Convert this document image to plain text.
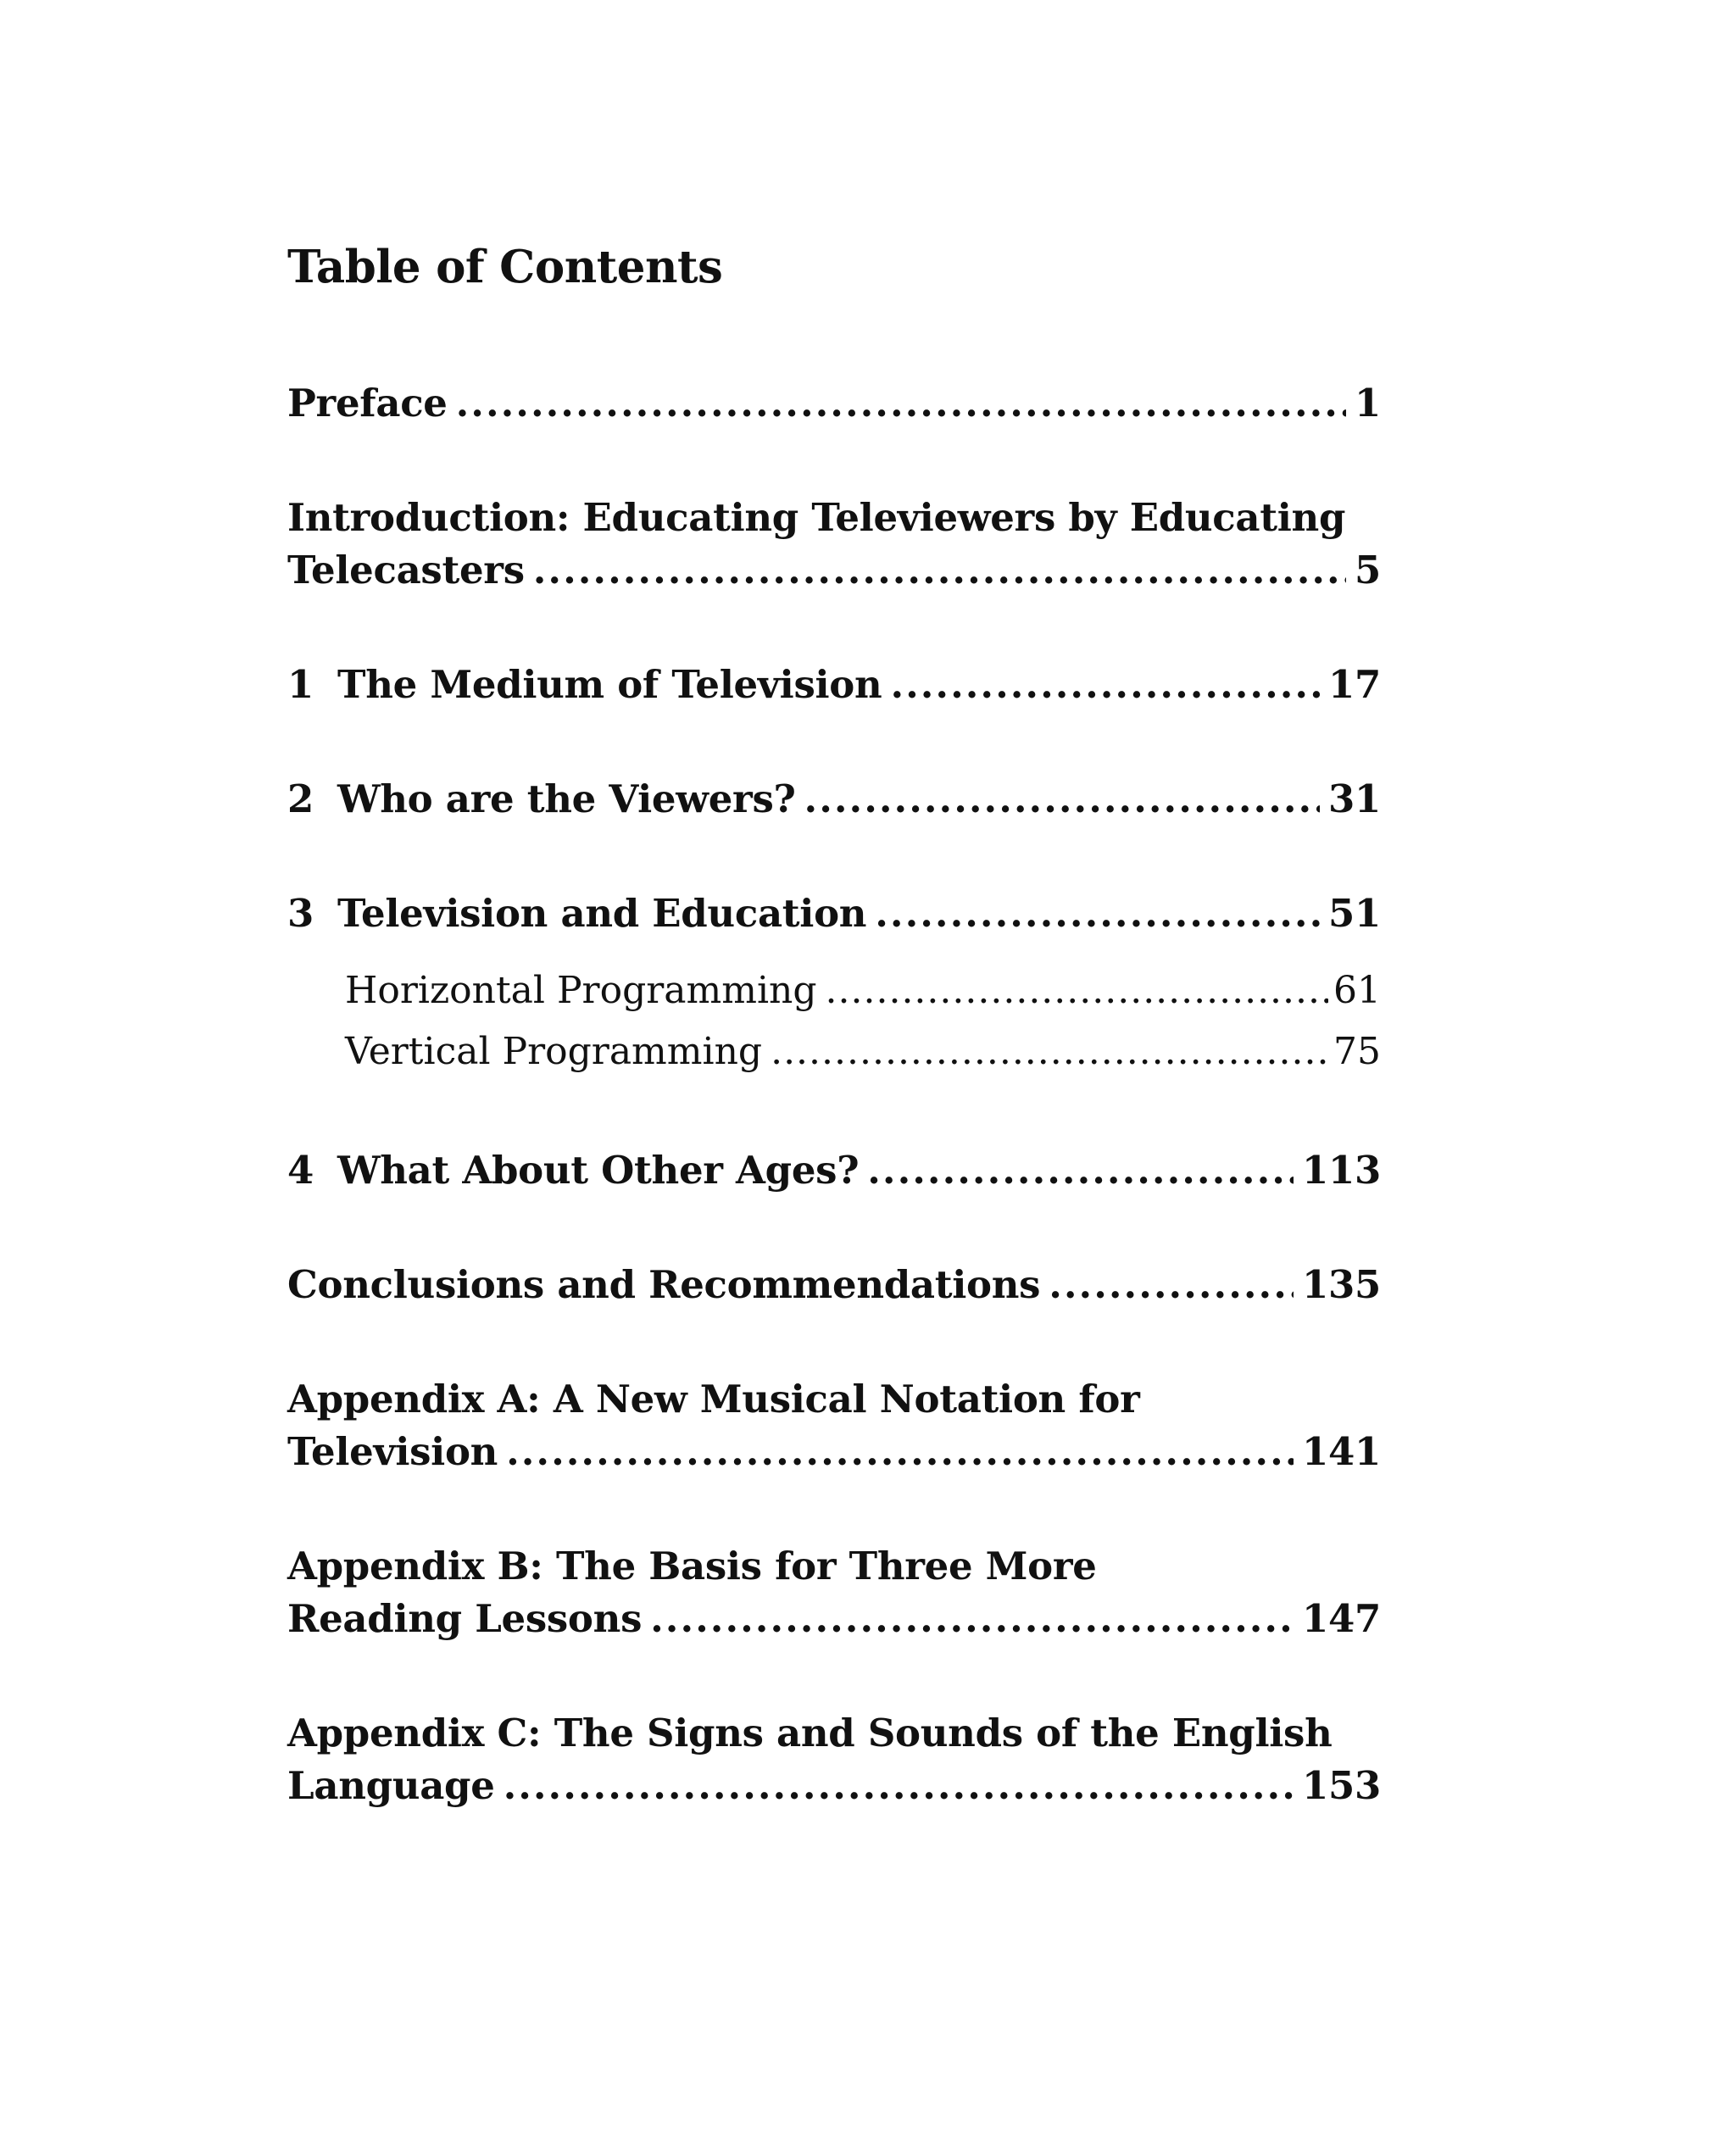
Table of Contents
Preface .....	1
Introduction: Educating Televiewers by Educating
Telecasters .....	5
1 The Medium of Television .....	17
2 Who are the Viewers? .....	31
3 Television and Education .....	51
Horizontal Programming .....	61
Vertical Programming .....	75
4 What About Other Ages? .....	113
Conclusions and Recommendations .....	135
Appendix A: A New Musical Notation for
Television .....	141
Appendix B: The Basis for Three More
Reading Lessons .....	147
Appendix C: The Signs and Sounds of the English
Language .....	153
